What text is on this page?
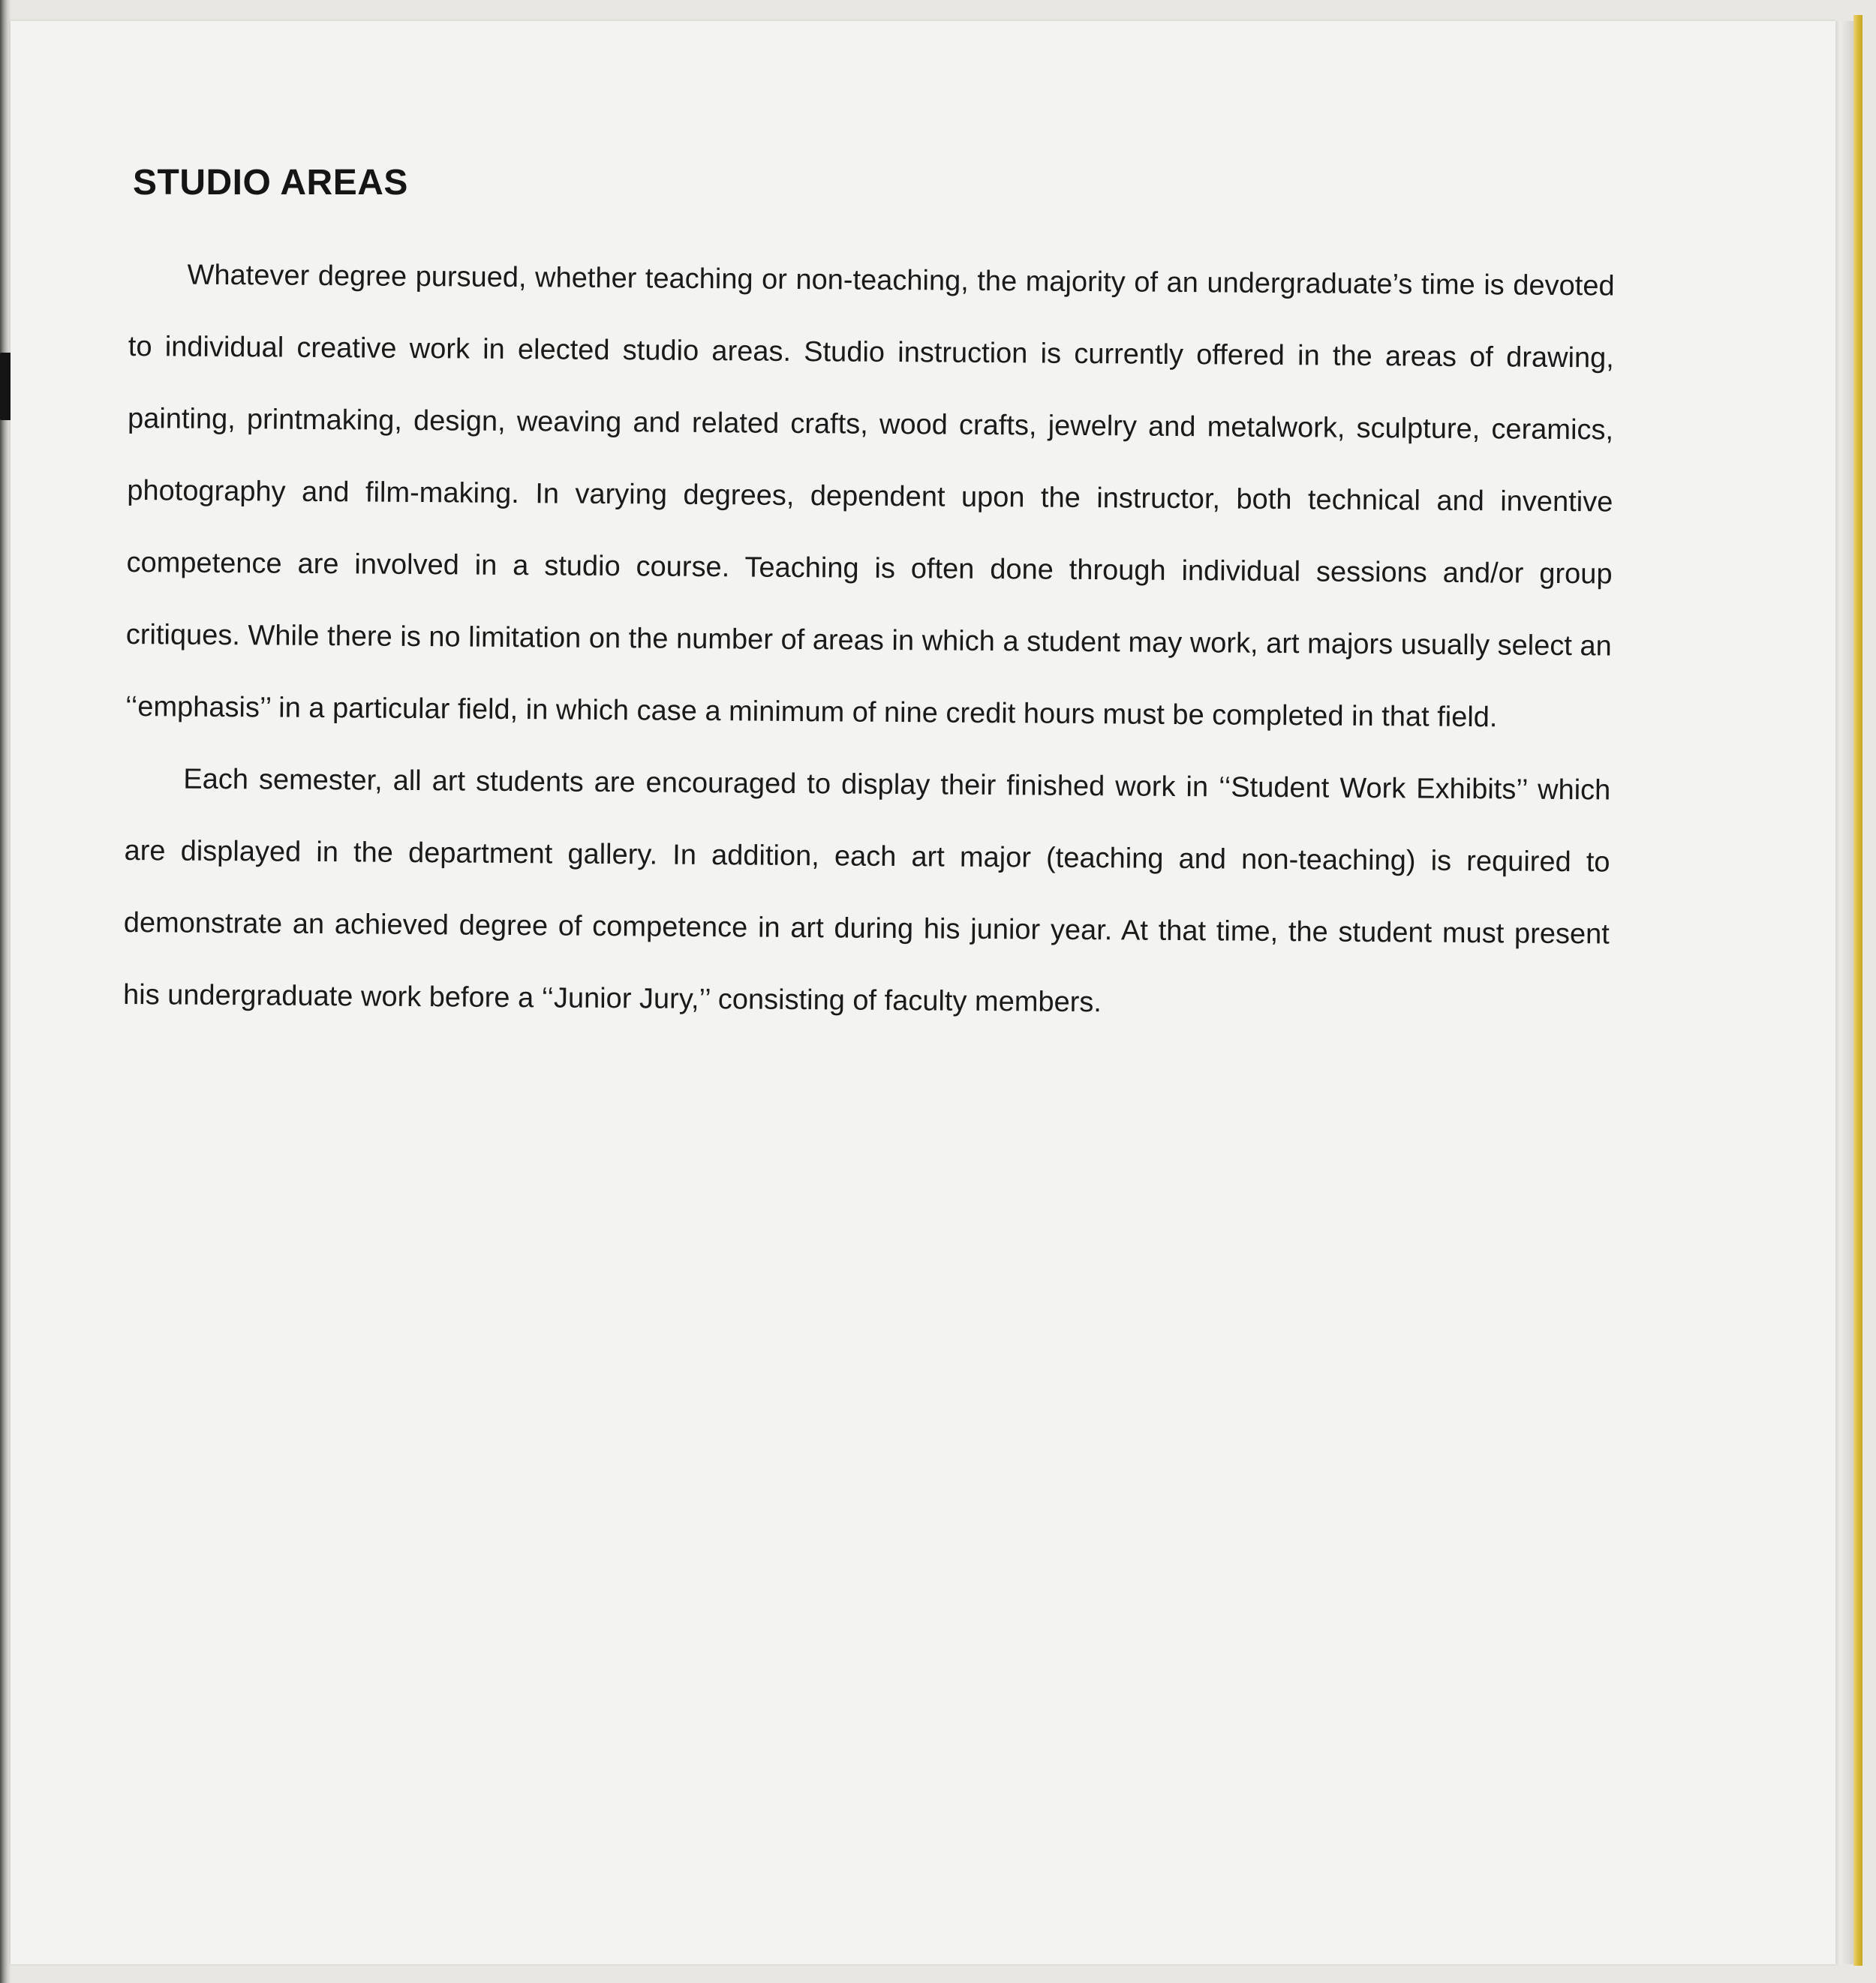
STUDIO AREAS

Whatever degree pursued, whether teaching or non-teaching, the majority of an undergraduate’s time is devoted to individual creative work in elected studio areas. Studio instruction is currently offered in the areas of drawing, painting, printmaking, design, weaving and related crafts, wood crafts, jewelry and metalwork, sculpture, ceramics, photography and film-making. In varying degrees, dependent upon the instructor, both technical and inventive competence are involved in a studio course. Teaching is often done through individual sessions and/or group critiques. While there is no limitation on the number of areas in which a student may work, art majors usually select an ‘‘emphasis’’ in a particular field, in which case a minimum of nine credit hours must be completed in that field.

Each semester, all art students are encouraged to display their finished work in ‘‘Student Work Exhibits’’ which are displayed in the department gallery. In addition, each art major (teaching and non-teaching) is required to demonstrate an achieved degree of competence in art during his junior year. At that time, the student must present his undergraduate work before a ‘‘Junior Jury,’’ consisting of faculty members.
